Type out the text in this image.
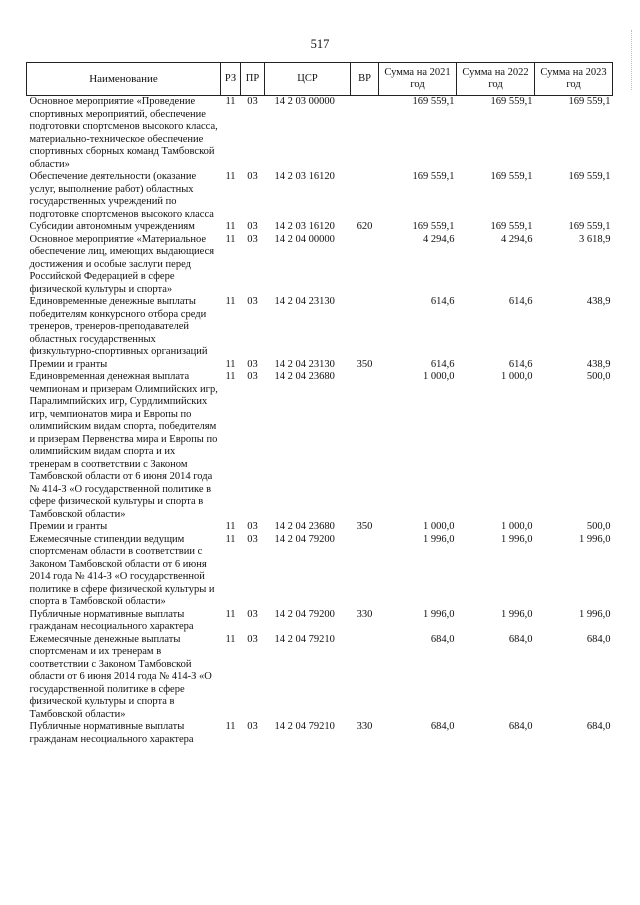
517
Наименование	РЗ	ПР	ЦСР	ВР	Сумма на 2021 год	Сумма на 2022 год	Сумма на 2023 год
Основное мероприятие «Проведение спортивных мероприятий, обеспечение подготовки спортсменов высокого класса, материально-техническое обеспечение спортивных сборных команд Тамбовской области»	11	03	14 2 03 00000		169 559,1	169 559,1	169 559,1
Обеспечение деятельности (оказание услуг, выполнение работ) областных государственных учреждений по подготовке спортсменов высокого класса	11	03	14 2 03 16120		169 559,1	169 559,1	169 559,1
Субсидии автономным учреждениям	11	03	14 2 03 16120	620	169 559,1	169 559,1	169 559,1
Основное мероприятие «Материальное обеспечение лиц, имеющих выдающиеся достижения и особые заслуги перед Российской Федерацией в сфере физической культуры и спорта»	11	03	14 2 04 00000		4 294,6	4 294,6	3 618,9
Единовременные денежные выплаты победителям конкурсного отбора среди тренеров, тренеров-преподавателей областных государственных физкультурно-спортивных организаций	11	03	14 2 04 23130		614,6	614,6	438,9
Премии и гранты	11	03	14 2 04 23130	350	614,6	614,6	438,9
Единовременная денежная выплата чемпионам и призерам Олимпийских игр, Паралимпийских игр, Сурдлимпийских игр, чемпионатов мира и Европы по олимпийским видам спорта, победителям и призерам Первенства мира и Европы по олимпийским видам спорта и их тренерам в соответствии с Законом Тамбовской области от 6 июня 2014 года № 414-З «О государственной политике в сфере физической культуры и спорта в Тамбовской области»	11	03	14 2 04 23680		1 000,0	1 000,0	500,0
Премии и гранты	11	03	14 2 04 23680	350	1 000,0	1 000,0	500,0
Ежемесячные стипендии ведущим спортсменам области в соответствии с Законом Тамбовской области от 6 июня 2014 года № 414-З «О государственной политике в сфере физической культуры и спорта в Тамбовской области»	11	03	14 2 04 79200		1 996,0	1 996,0	1 996,0
Публичные нормативные выплаты гражданам несоциального характера	11	03	14 2 04 79200	330	1 996,0	1 996,0	1 996,0
Ежемесячные денежные выплаты спортсменам и их тренерам в соответствии с Законом Тамбовской области от 6 июня 2014 года № 414-З «О государственной политике в сфере физической культуры и спорта в Тамбовской области»	11	03	14 2 04 79210		684,0	684,0	684,0
Публичные нормативные выплаты гражданам несоциального характера	11	03	14 2 04 79210	330	684,0	684,0	684,0
